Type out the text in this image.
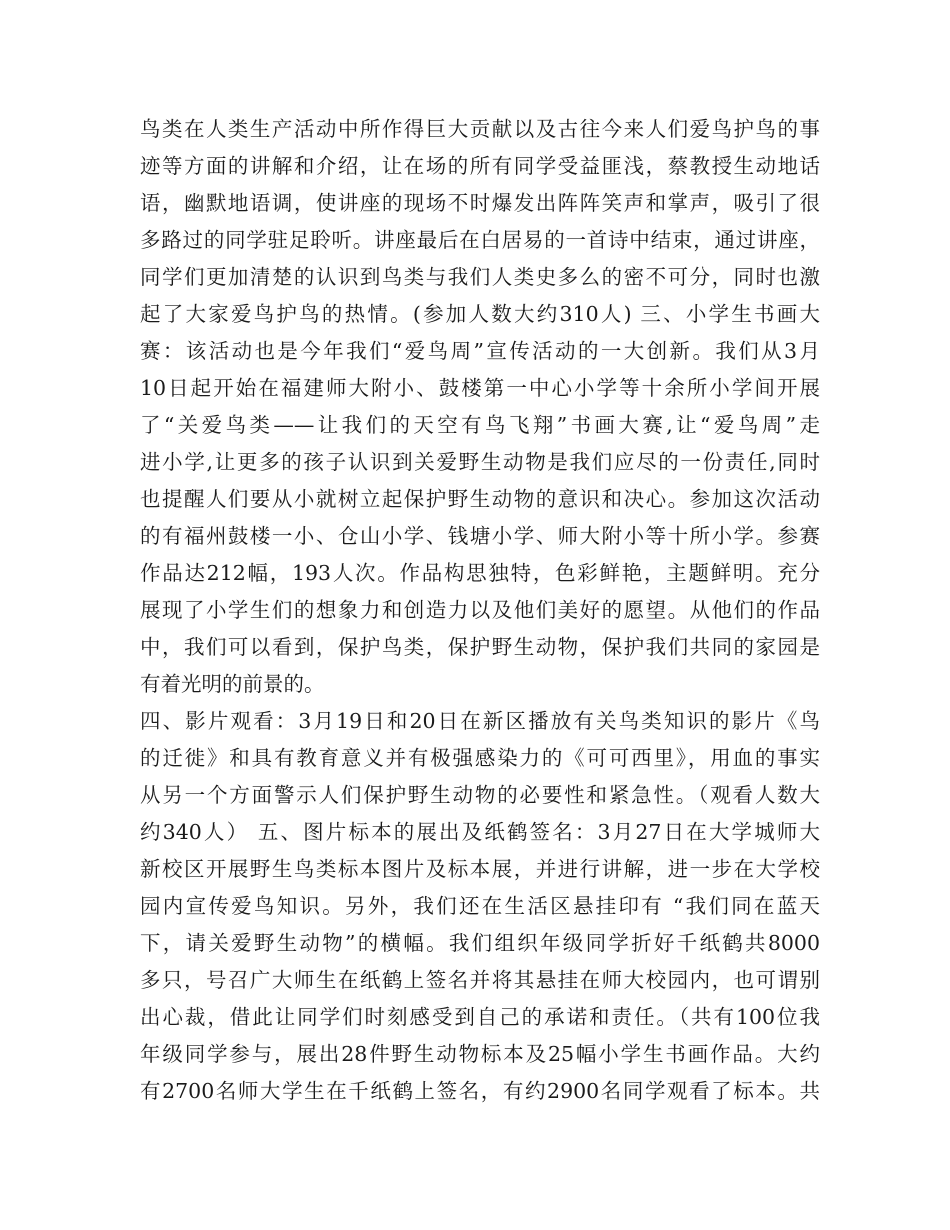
鸟类在人类生产活动中所作得巨大贡献以及古往今来人们爱鸟护鸟的事
迹等方面的讲解和介绍，让在场的所有同学受益匪浅，蔡教授生动地话
语，幽默地语调，使讲座的现场不时爆发出阵阵笑声和掌声，吸引了很
多路过的同学驻足聆听。讲座最后在白居易的一首诗中结束，通过讲座，
同学们更加清楚的认识到鸟类与我们人类史多么的密不可分，同时也激
起了大家爱鸟护鸟的热情。(参加人数大约310人) 三、小学生书画大
赛：该活动也是今年我们“爱鸟周”宣传活动的一大创新。我们从3月
10日起开始在福建师大附小、鼓楼第一中心小学等十余所小学间开展
了“关爱鸟类——让我们的天空有鸟飞翔”书画大赛,让“爱鸟周”走
进小学,让更多的孩子认识到关爱野生动物是我们应尽的一份责任,同时
也提醒人们要从小就树立起保护野生动物的意识和决心。参加这次活动
的有福州鼓楼一小、仓山小学、钱塘小学、师大附小等十所小学。参赛
作品达212幅，193人次。作品构思独特，色彩鲜艳，主题鲜明。充分
展现了小学生们的想象力和创造力以及他们美好的愿望。从他们的作品
中，我们可以看到，保护鸟类，保护野生动物，保护我们共同的家园是
有着光明的前景的。
四、影片观看：3月19日和20日在新区播放有关鸟类知识的影片《鸟
的迁徙》和具有教育意义并有极强感染力的《可可西里》，用血的事实
从另一个方面警示人们保护野生动物的必要性和紧急性。（观看人数大
约340人） 五、图片标本的展出及纸鹤签名：3月27日在大学城师大
新校区开展野生鸟类标本图片及标本展，并进行讲解，进一步在大学校
园内宣传爱鸟知识。另外，我们还在生活区悬挂印有 “我们同在蓝天
下，请关爱野生动物”的横幅。我们组织年级同学折好千纸鹤共8000
多只，号召广大师生在纸鹤上签名并将其悬挂在师大校园内，也可谓别
出心裁，借此让同学们时刻感受到自己的承诺和责任。（共有100位我
年级同学参与，展出28件野生动物标本及25幅小学生书画作品。大约
有2700名师大学生在千纸鹤上签名，有约2900名同学观看了标本。共
